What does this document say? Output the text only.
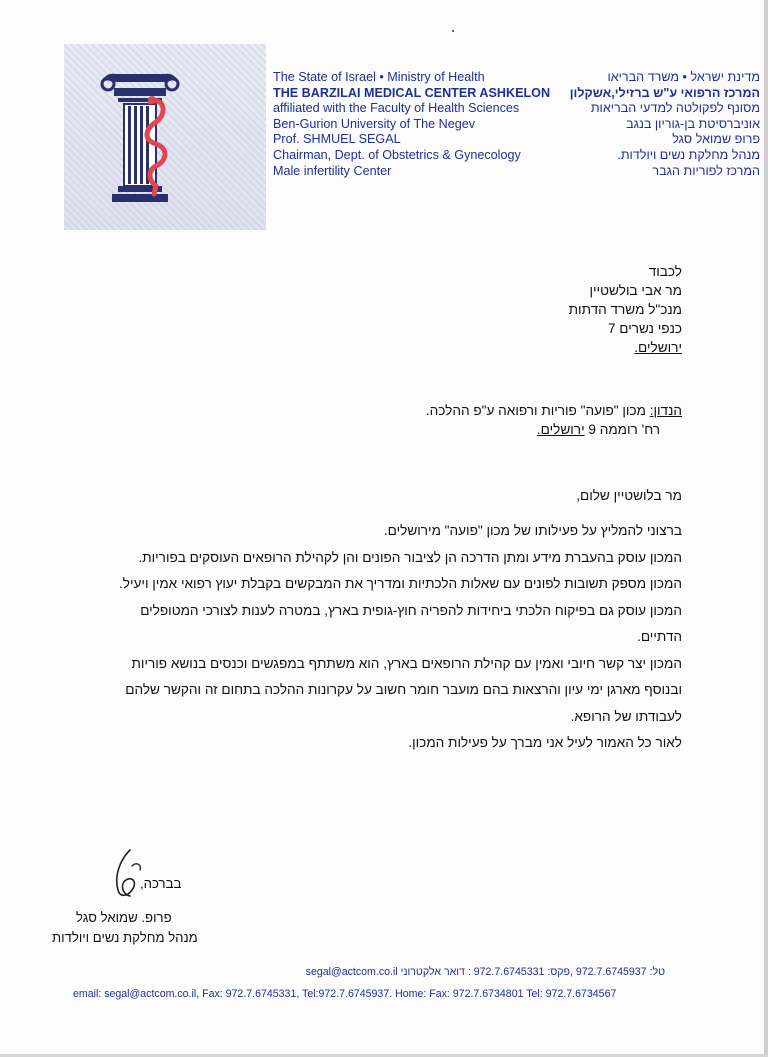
The State of Israel • Ministry of Health
THE BARZILAI MEDICAL CENTER ASHKELON
affiliated with the Faculty of Health Sciences
Ben-Gurion University of The Negev
Prof. SHMUEL SEGAL
Chairman, Dept. of Obstetrics & Gynecology
Male infertility Center
מדינת ישראל • משרד הבריאו
המרכז הרפואי ע"ש ברזילי,אשקלון
מסונף לפקולטה למדעי הבריאות
אוניברסיטת בן-גוריון בנגב
פרופ שמואל סגל
מנהל מחלקת נשים ויולדות.
המרכז לפוריות הגבר
לכבוד
מר אבי בולשטיין
מנכ"ל משרד הדתות
כנפי נשרים 7
ירושלים.
הנדון: מכון "פועה" פוריות ורפואה ע"פ ההלכה.
רח' רוממה 9 ירושלים.
מר בלושטיין שלום,
ברצוני להמליץ על פעילותו של מכון "פועה" מירושלים.
המכון עוסק בהעברת מידע ומתן הדרכה הן לציבור הפונים והן לקהילת הרופאים העוסקים בפוריות.
המכון מספק תשובות לפונים עם שאלות הלכתיות ומדריך את המבקשים בקבלת יעוץ רפואי אמין ויעיל.
המכון עוסק גם בפיקוח הלכתי ביחידות להפריה חוץ-גופית בארץ, במטרה לענות לצורכי המטופלים
הדתיים.
המכון יצר קשר חיובי ואמין עם קהילת הרופאים בארץ, הוא משתתף במפגשים וכנסים בנושא פוריות
ובנוסף מארגן ימי עיון והרצאות בהם מועבר חומר חשוב על עקרונות ההלכה בתחום זה והקשר שלהם
לעבודתו של הרופא.
לאור כל האמור לעיל אני מברך על פעילות המכון.
בברכה,
פרופ. שמואל סגל
מנהל מחלקת נשים ויולדות
טל: 972.7.6745937 ,פקס: 972.7.6745331 : דואר אלקטרוני segal@actcom.co.il
email: segal@actcom.co.il, Fax: 972.7.6745331, Tel:972.7.6745937. Home: Fax: 972.7.6734801 Tel: 972.7.6734567
